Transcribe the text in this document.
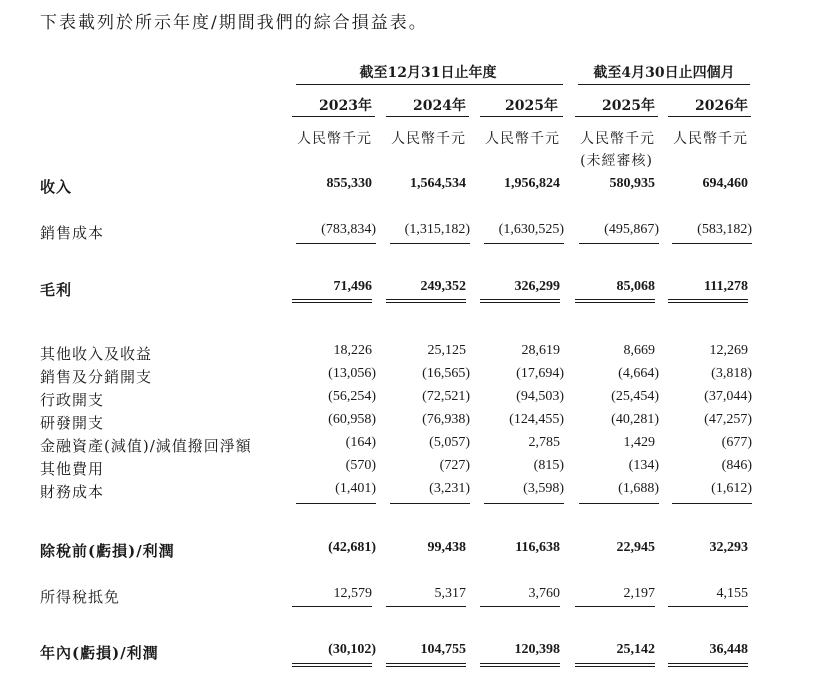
下表載列於所示年度/期間我們的綜合損益表。
截至12月31日止年度	截至4月30日止四個月
2023年	2024年	2025年	2025年	2026年
人民幣千元	人民幣千元	人民幣千元	人民幣千元	人民幣千元
(未經審核)
收入	855,330	1,564,534	1,956,824	580,935	694,460
銷售成本	(783,834)	(1,315,182)	(1,630,525)	(495,867)	(583,182)
毛利	71,496	249,352	326,299	85,068	111,278
其他收入及收益	18,226	25,125	28,619	8,669	12,269
銷售及分銷開支	(13,056)	(16,565)	(17,694)	(4,664)	(3,818)
行政開支	(56,254)	(72,521)	(94,503)	(25,454)	(37,044)
研發開支	(60,958)	(76,938)	(124,455)	(40,281)	(47,257)
金融資產(減值)/減值撥回淨額	(164)	(5,057)	2,785	1,429	(677)
其他費用	(570)	(727)	(815)	(134)	(846)
財務成本	(1,401)	(3,231)	(3,598)	(1,688)	(1,612)
除稅前(虧損)/利潤	(42,681)	99,438	116,638	22,945	32,293
所得稅抵免	12,579	5,317	3,760	2,197	4,155
年內(虧損)/利潤	(30,102)	104,755	120,398	25,142	36,448
